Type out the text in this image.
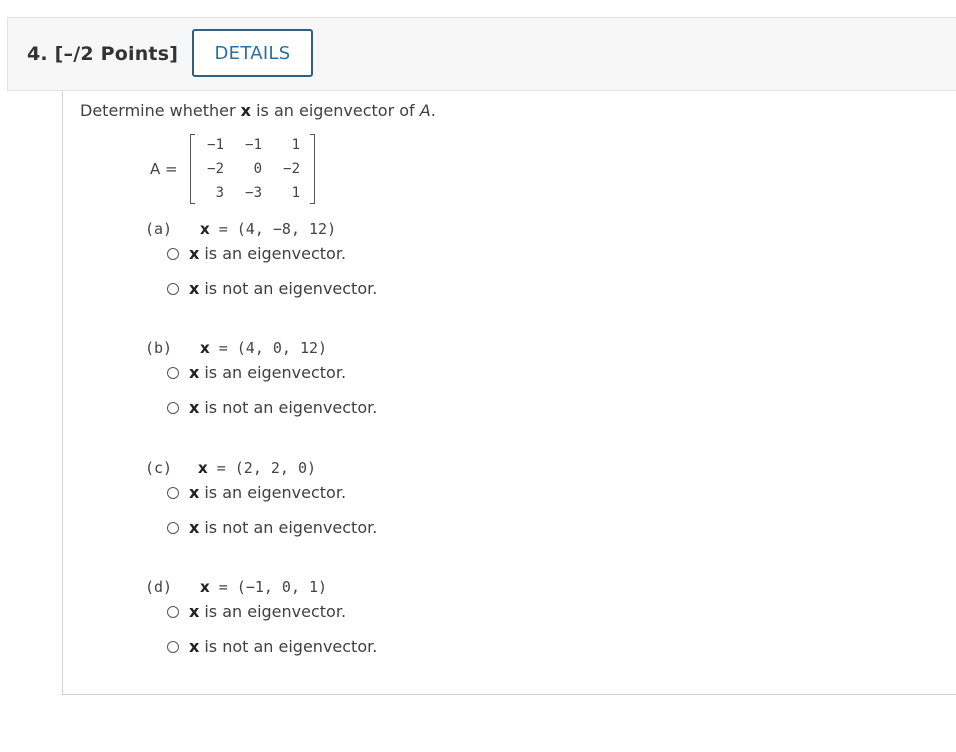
4. [–/2 Points]	DETAILS
Determine whether x is an eigenvector of A.
A =
−1	−1	1
−2	0	−2
3	−3	1
(a) x = (4, −8, 12)
x is an eigenvector.
x is not an eigenvector.
(b) x = (4, 0, 12)
x is an eigenvector.
x is not an eigenvector.
(c) x = (2, 2, 0)
x is an eigenvector.
x is not an eigenvector.
(d) x = (−1, 0, 1)
x is an eigenvector.
x is not an eigenvector.
